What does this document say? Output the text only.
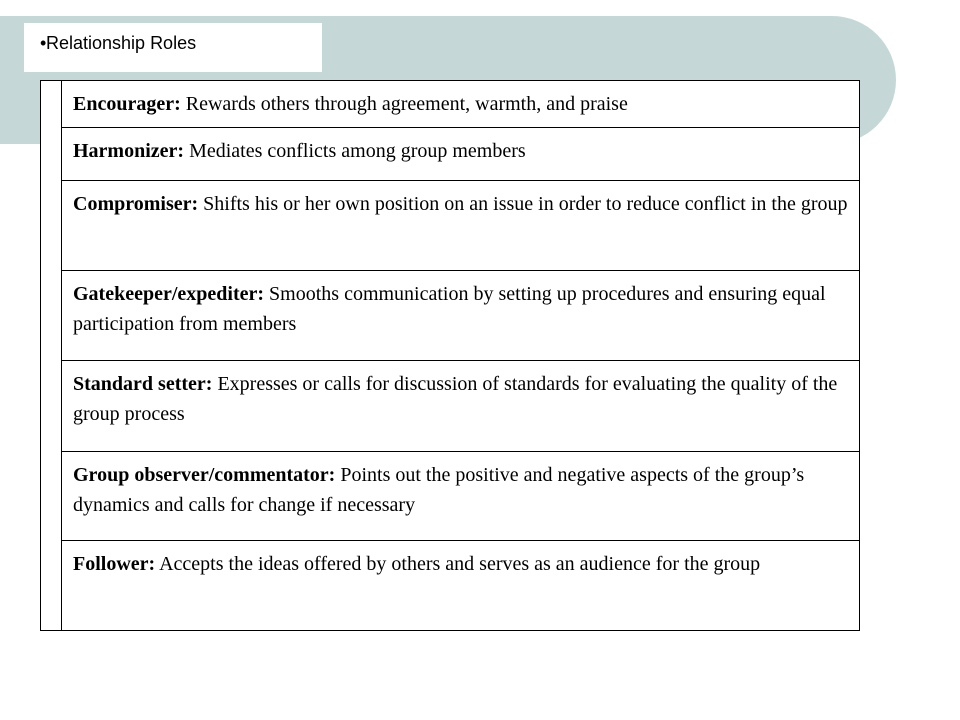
• Relationship Roles
Encourager: Rewards others through agreement, warmth, and praise
Harmonizer: Mediates conflicts among group members
Compromiser: Shifts his or her own position on an issue in order to reduce conflict in the group
Gatekeeper/expediter: Smooths communication by setting up procedures and ensuring equal participation from members
Standard setter: Expresses or calls for discussion of standards for evaluating the quality of the group process
Group observer/commentator: Points out the positive and negative aspects of the group’s dynamics and calls for change if necessary
Follower: Accepts the ideas offered by others and serves as an audience for the group
